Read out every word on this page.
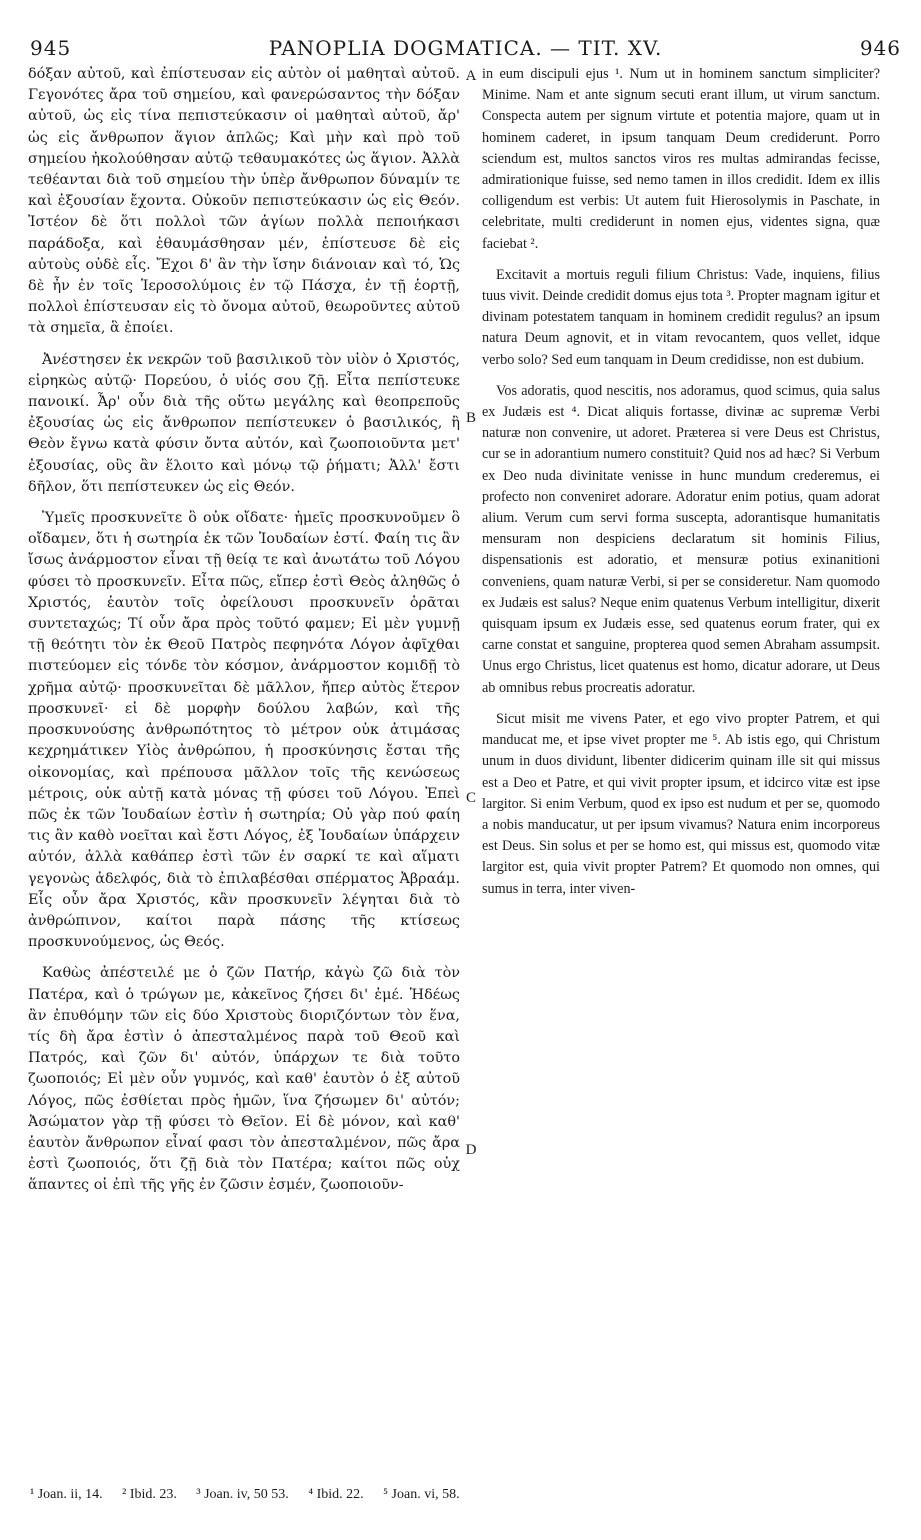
945	PANOPLIA DOGMATICA. — TIT. XV.	946

δόξαν αὐτοῦ, καὶ ἐπίστευσαν εἰς αὐτὸν οἱ μαθηταὶ αὐτοῦ. Γεγονότες ἄρα τοῦ σημείου, καὶ φανερώσαντος τὴν δόξαν αὐτοῦ, ὡς εἰς τίνα πεπιστεύκασιν οἱ μαθηταὶ αὐτοῦ, ἄρ' ὡς εἰς ἄνθρωπον ἅγιον ἁπλῶς; Καὶ μὴν καὶ πρὸ τοῦ σημείου ἠκολούθησαν αὐτῷ τεθαυμακότες ὡς ἅγιον. Ἀλλὰ τεθέανται διὰ τοῦ σημείου τὴν ὑπὲρ ἄνθρωπον δύναμίν τε καὶ ἐξουσίαν ἔχοντα. Οὐκοῦν πεπιστεύκασιν ὡς εἰς Θεόν. Ἰστέον δὲ ὅτι πολλοὶ τῶν ἁγίων πολλὰ πεποιήκασι παράδοξα, καὶ ἐθαυμάσθησαν μέν, ἐπίστευσε δὲ εἰς αὐτοὺς οὐδὲ εἷς. Ἔχοι δ' ἂν τὴν ἴσην διάνοιαν καὶ τό, Ὡς δὲ ἦν ἐν τοῖς Ἱεροσολύμοις ἐν τῷ Πάσχα, ἐν τῇ ἑορτῇ, πολλοὶ ἐπίστευσαν εἰς τὸ ὄνομα αὐτοῦ, θεωροῦντες αὐτοῦ τὰ σημεῖα, ἃ ἐποίει.

Ἀνέστησεν ἐκ νεκρῶν τοῦ βασιλικοῦ τὸν υἱὸν ὁ Χριστός, εἰρηκὼς αὐτῷ· Πορεύου, ὁ υἱός σου ζῇ. Εἶτα πεπίστευκε πανοικί. Ἆρ' οὖν διὰ τῆς οὕτω μεγάλης καὶ θεοπρεποῦς ἐξουσίας ὡς εἰς ἄνθρωπον πεπίστευκεν ὁ βασιλικός, ἢ Θεὸν ἔγνω κατὰ φύσιν ὄντα αὐτόν, καὶ ζωοποιοῦντα μετ' ἐξουσίας, οὓς ἂν ἕλοιτο καὶ μόνῳ τῷ ῥήματι; Ἀλλ' ἔστι δῆλον, ὅτι πεπίστευκεν ὡς εἰς Θεόν.

Ὑμεῖς προσκυνεῖτε ὃ οὐκ οἴδατε· ἡμεῖς προσκυνοῦμεν ὃ οἴδαμεν, ὅτι ἡ σωτηρία ἐκ τῶν Ἰουδαίων ἐστί. Φαίη τις ἂν ἴσως ἀνάρμοστον εἶναι τῇ θείᾳ τε καὶ ἀνωτάτω τοῦ Λόγου φύσει τὸ προσκυνεῖν. Εἶτα πῶς, εἴπερ ἐστὶ Θεὸς ἀληθῶς ὁ Χριστός, ἑαυτὸν τοῖς ὀφείλουσι προσκυνεῖν ὁρᾶται συντεταχώς; Τί οὖν ἄρα πρὸς τοῦτό φαμεν; Εἰ μὲν γυμνῇ τῇ θεότητι τὸν ἐκ Θεοῦ Πατρὸς πεφηνότα Λόγον ἀφῖχθαι πιστεύομεν εἰς τόνδε τὸν κόσμον, ἀνάρμοστον κομιδῇ τὸ χρῆμα αὐτῷ· προσκυνεῖται δὲ μᾶλλον, ἤπερ αὐτὸς ἕτερον προσκυνεῖ· εἰ δὲ μορφὴν δούλου λαβών, καὶ τῆς προσκυνούσης ἀνθρωπότητος τὸ μέτρον οὐκ ἀτιμάσας κεχρημάτικεν Υἱὸς ἀνθρώπου, ἡ προσκύνησις ἔσται τῆς οἰκονομίας, καὶ πρέπουσα μᾶλλον τοῖς τῆς κενώσεως μέτροις, οὐκ αὐτῇ κατὰ μόνας τῇ φύσει τοῦ Λόγου. Ἐπεὶ πῶς ἐκ τῶν Ἰουδαίων ἐστὶν ἡ σωτηρία; Οὐ γὰρ πού φαίη τις ἂν καθὸ νοεῖται καὶ ἔστι Λόγος, ἐξ Ἰουδαίων ὑπάρχειν αὐτόν, ἀλλὰ καθάπερ ἐστὶ τῶν ἐν σαρκί τε καὶ αἵματι γεγονὼς ἀδελφός, διὰ τὸ ἐπιλαβέσθαι σπέρματος Ἀβραάμ. Εἷς οὖν ἄρα Χριστός, κἂν προσκυνεῖν λέγηται διὰ τὸ ἀνθρώπινον, καίτοι παρὰ πάσης τῆς κτίσεως προσκυνούμενος, ὡς Θεός.

Καθὼς ἀπέστειλέ με ὁ ζῶν Πατήρ, κἀγὼ ζῶ διὰ τὸν Πατέρα, καὶ ὁ τρώγων με, κἀκεῖνος ζήσει δι' ἐμέ. Ἡδέως ἂν ἐπυθόμην τῶν εἰς δύο Χριστοὺς διοριζόντων τὸν ἕνα, τίς δὴ ἄρα ἐστὶν ὁ ἀπεσταλμένος παρὰ τοῦ Θεοῦ καὶ Πατρός, καὶ ζῶν δι' αὐτόν, ὑπάρχων τε διὰ τοῦτο ζωοποιός; Εἰ μὲν οὖν γυμνός, καὶ καθ' ἑαυτὸν ὁ ἐξ αὐτοῦ Λόγος, πῶς ἐσθίεται πρὸς ἡμῶν, ἵνα ζήσωμεν δι' αὐτόν; Ἀσώματον γὰρ τῇ φύσει τὸ Θεῖον. Εἰ δὲ μόνον, καὶ καθ' ἑαυτὸν ἄνθρωπον εἶναί φασι τὸν ἀπεσταλμένον, πῶς ἄρα ἐστὶ ζωοποιός, ὅτι ζῇ διὰ τὸν Πατέρα; καίτοι πῶς οὐχ ἅπαντες οἱ ἐπὶ τῆς γῆς ἐν ζῶσιν ἐσμέν, ζωοποιοῦν-

A
B
C
D

in eum discipuli ejus ¹. Num ut in hominem sanctum simpliciter? Minime. Nam et ante signum secuti erant illum, ut virum sanctum. Conspecta autem per signum virtute et potentia majore, quam ut in hominem caderet, in ipsum tanquam Deum crediderunt. Porro sciendum est, multos sanctos viros res multas admirandas fecisse, admirationique fuisse, sed nemo tamen in illos credidit. Idem ex illis colligendum est verbis: Ut autem fuit Hierosolymis in Paschate, in celebritate, multi crediderunt in nomen ejus, videntes signa, quæ faciebat ².

Excitavit a mortuis reguli filium Christus: Vade, inquiens, filius tuus vivit. Deinde credidit domus ejus tota ³. Propter magnam igitur et divinam potestatem tanquam in hominem credidit regulus? an ipsum natura Deum agnovit, et in vitam revocantem, quos vellet, idque verbo solo? Sed eum tanquam in Deum credidisse, non est dubium.

Vos adoratis, quod nescitis, nos adoramus, quod scimus, quia salus ex Judæis est ⁴. Dicat aliquis fortasse, divinæ ac supremæ Verbi naturæ non convenire, ut adoret. Præterea si vere Deus est Christus, cur se in adorantium numero constituit? Quid nos ad hæc? Si Verbum ex Deo nuda divinitate venisse in hunc mundum crederemus, ei profecto non conveniret adorare. Adoratur enim potius, quam adorat alium. Verum cum servi forma suscepta, adorantisque humanitatis mensuram non despiciens declaratum sit hominis Filius, dispensationis est adoratio, et mensuræ potius exinanitioni conveniens, quam naturæ Verbi, si per se consideretur. Nam quomodo ex Judæis est salus? Neque enim quatenus Verbum intelligitur, dixerit quisquam ipsum ex Judæis esse, sed quatenus eorum frater, qui ex carne constat et sanguine, propterea quod semen Abraham assumpsit. Unus ergo Christus, licet quatenus est homo, dicatur adorare, ut Deus ab omnibus rebus procreatis adoratur.

Sicut misit me vivens Pater, et ego vivo propter Patrem, et qui manducat me, et ipse vivet propter me ⁵. Ab istis ego, qui Christum unum in duos dividunt, libenter didicerim quinam ille sit qui missus est a Deo et Patre, et qui vivit propter ipsum, et idcirco vitæ est ipse largitor. Si enim Verbum, quod ex ipso est nudum et per se, quomodo a nobis manducatur, ut per ipsum vivamus? Natura enim incorporeus est Deus. Sin solus et per se homo est, qui missus est, quomodo vitæ largitor est, quia vivit propter Patrem? Et quomodo non omnes, qui sumus in terra, inter viven-

¹ Joan. ii, 14. ² Ibid. 23. ³ Joan. iv, 50 53. ⁴ Ibid. 22. ⁵ Joan. vi, 58.
